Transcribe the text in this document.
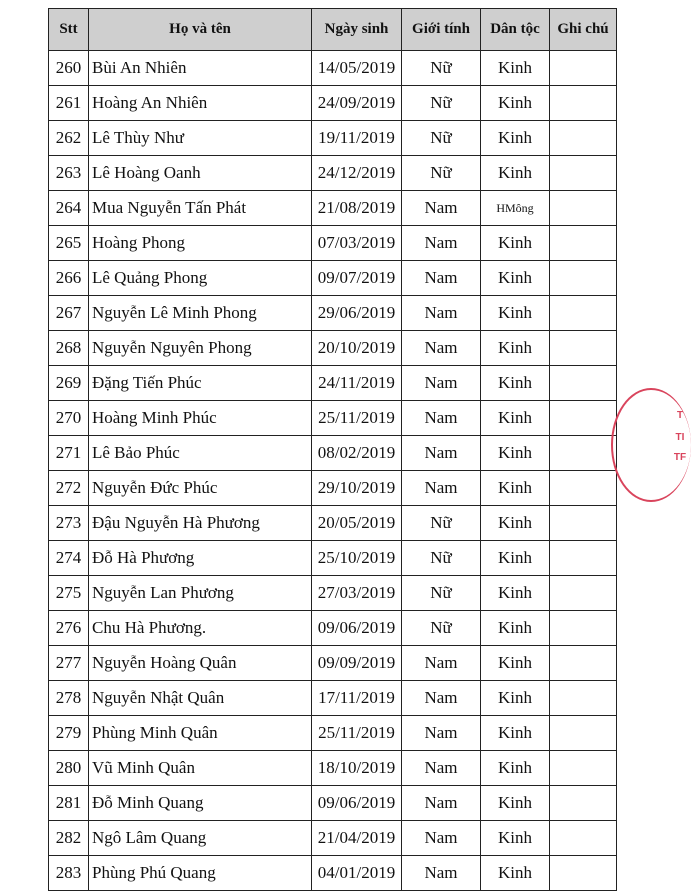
Stt	Họ và tên	Ngày sinh	Giới tính	Dân tộc	Ghi chú
260	Bùi An Nhiên	14/05/2019	Nữ	Kinh	
261	Hoàng An Nhiên	24/09/2019	Nữ	Kinh	
262	Lê Thùy Như	19/11/2019	Nữ	Kinh	
263	Lê Hoàng Oanh	24/12/2019	Nữ	Kinh	
264	Mua Nguyễn Tấn Phát	21/08/2019	Nam	HMông	
265	Hoàng Phong	07/03/2019	Nam	Kinh	
266	Lê Quảng Phong	09/07/2019	Nam	Kinh	
267	Nguyễn Lê Minh Phong	29/06/2019	Nam	Kinh	
268	Nguyễn Nguyên Phong	20/10/2019	Nam	Kinh	
269	Đặng Tiến Phúc	24/11/2019	Nam	Kinh	
270	Hoàng Minh Phúc	25/11/2019	Nam	Kinh	
271	Lê Bảo Phúc	08/02/2019	Nam	Kinh	
272	Nguyễn Đức Phúc	29/10/2019	Nam	Kinh	
273	Đậu Nguyễn Hà Phương	20/05/2019	Nữ	Kinh	
274	Đỗ Hà Phương	25/10/2019	Nữ	Kinh	
275	Nguyễn Lan Phương	27/03/2019	Nữ	Kinh	
276	Chu Hà Phương.	09/06/2019	Nữ	Kinh	
277	Nguyễn Hoàng Quân	09/09/2019	Nam	Kinh	
278	Nguyễn Nhật Quân	17/11/2019	Nam	Kinh	
279	Phùng Minh Quân	25/11/2019	Nam	Kinh	
280	Vũ Minh Quân	18/10/2019	Nam	Kinh	
281	Đỗ Minh Quang	09/06/2019	Nam	Kinh	
282	Ngô Lâm Quang	21/04/2019	Nam	Kinh	
283	Phùng Phú Quang	04/01/2019	Nam	Kinh	
T
TI
TF
